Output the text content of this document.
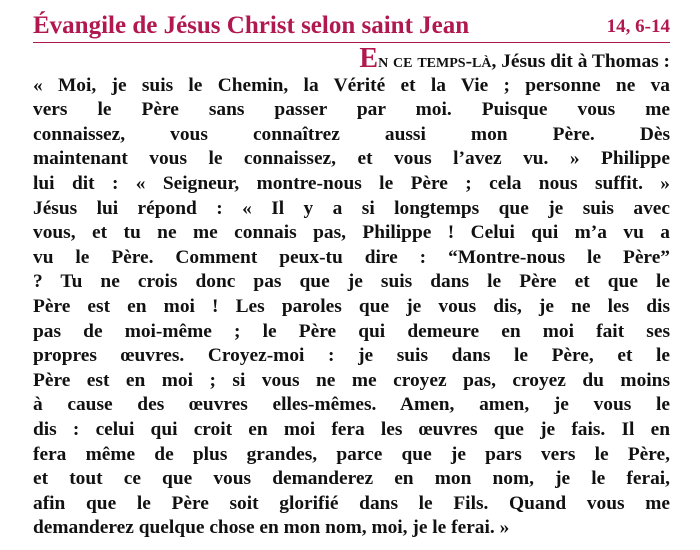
Évangile de Jésus Christ selon saint Jean	14, 6-14
En ce temps-là, Jésus dit à Thomas :
« Moi, je suis le Chemin, la Vérité et la Vie ; personne ne va
vers le Père sans passer par moi. Puisque vous me
connaissez, vous connaîtrez aussi mon Père. Dès
maintenant vous le connaissez, et vous l’avez vu. » Philippe
lui dit : « Seigneur, montre-nous le Père ; cela nous suffit. »
Jésus lui répond : « Il y a si longtemps que je suis avec
vous, et tu ne me connais pas, Philippe ! Celui qui m’a vu a
vu le Père. Comment peux-tu dire : “Montre-nous le Père”
? Tu ne crois donc pas que je suis dans le Père et que le
Père est en moi ! Les paroles que je vous dis, je ne les dis
pas de moi-même ; le Père qui demeure en moi fait ses
propres œuvres. Croyez-moi : je suis dans le Père, et le
Père est en moi ; si vous ne me croyez pas, croyez du moins
à cause des œuvres elles-mêmes. Amen, amen, je vous le
dis : celui qui croit en moi fera les œuvres que je fais. Il en
fera même de plus grandes, parce que je pars vers le Père,
et tout ce que vous demanderez en mon nom, je le ferai,
afin que le Père soit glorifié dans le Fils. Quand vous me
demanderez quelque chose en mon nom, moi, je le ferai. »
